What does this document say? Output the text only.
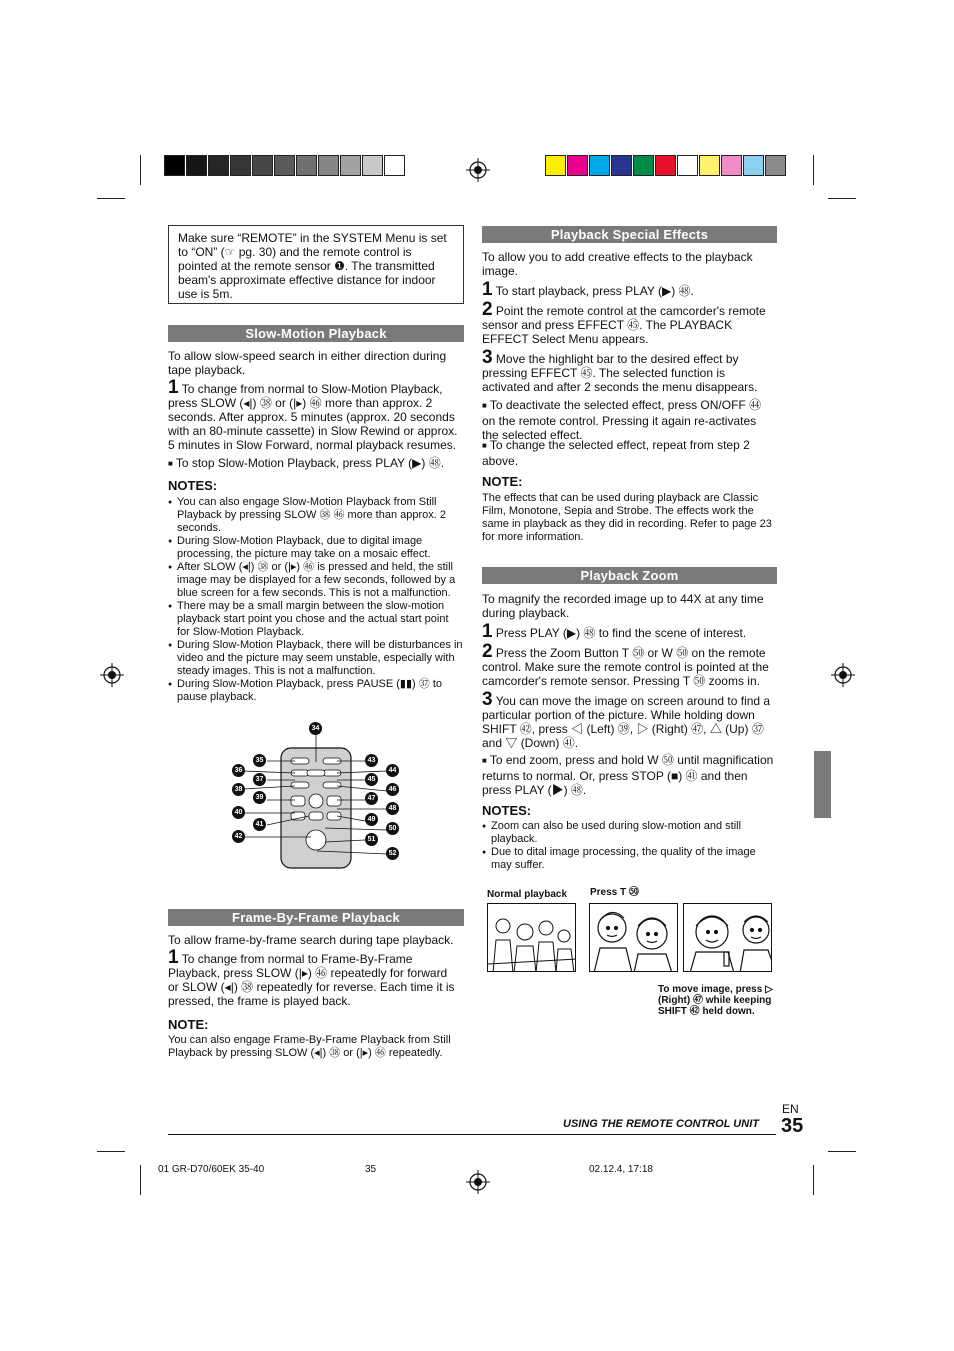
Make sure “REMOTE” in the SYSTEM Menu is set to “ON” (☞ pg. 30) and the remote control is pointed at the remote sensor ❶. The transmitted beam's approximate effective distance for indoor use is 5m.

Slow-Motion Playback

To allow slow-speed search in either direction during tape playback.

1 To change from normal to Slow-Motion Playback, press SLOW (◂|) ㊳ or (|▸) ㊻ more than approx. 2 seconds. After approx. 5 minutes (approx. 20 seconds with an 80-minute cassette) in Slow Rewind or approx. 5 minutes in Slow Forward, normal playback resumes.
■ To stop Slow-Motion Playback, press PLAY (▶) ㊽.
NOTES:
● You can also engage Slow-Motion Playback from Still Playback by pressing SLOW ㊳ ㊻ more than approx. 2 seconds.
● During Slow-Motion Playback, due to digital image processing, the picture may take on a mosaic effect.
● After SLOW (◂|) ㊳ or (|▸) ㊻ is pressed and held, the still image may be displayed for a few seconds, followed by a blue screen for a few seconds. This is not a malfunction.
● There may be a small margin between the slow-motion playback start point you chose and the actual start point for Slow-Motion Playback.
● During Slow-Motion Playback, there will be disturbances in video and the picture may seem unstable, especially with steady images. This is not a malfunction.
● During Slow-Motion Playback, press PAUSE (▮▮) ㊲ to pause playback.
34
35
36
37
38
39
40
41
42
43
44
45
46
47
48
49
50
51
52
Frame-By-Frame Playback

To allow frame-by-frame search during tape playback.

1 To change from normal to Frame-By-Frame Playback, press SLOW (|▸) ㊻ repeatedly for forward or SLOW (◂|) ㊳ repeatedly for reverse. Each time it is pressed, the frame is played back.
NOTE:

You can also engage Frame-By-Frame Playback from Still Playback by pressing SLOW (◂|) ㊳ or (|▸) ㊻ repeatedly.

Playback Special Effects

To allow you to add creative effects to the playback image.

1 To start playback, press PLAY (▶) ㊽.
2 Point the remote control at the camcorder's remote sensor and press EFFECT ㊺. The PLAYBACK EFFECT Select Menu appears.
3 Move the highlight bar to the desired effect by pressing EFFECT ㊺. The selected function is activated and after 2 seconds the menu disappears.
■ To deactivate the selected effect, press ON/OFF ㊹ on the remote control. Pressing it again re-activates the selected effect.
■ To change the selected effect, repeat from step 2 above.
NOTE:

The effects that can be used during playback are Classic Film, Monotone, Sepia and Strobe. The effects work the same in playback as they did in recording. Refer to page 23 for more information.

Playback Zoom

To magnify the recorded image up to 44X at any time during playback.

1 Press PLAY (▶) ㊽ to find the scene of interest.
2 Press the Zoom Button T ㊿ or W ㊿ on the remote control. Make sure the remote control is pointed at the camcorder's remote sensor. Pressing T ㊿ zooms in.
3 You can move the image on screen around to find a particular portion of the picture. While holding down SHIFT ㊷, press ◁ (Left) ㊴, ▷ (Right) ㊼, △ (Up) ㊲ and ▽ (Down) ㊶.
■ To end zoom, press and hold W ㊿ until magnification returns to normal. Or, press STOP (■) ㊶ and then press PLAY (▶) ㊽.
NOTES:
● Zoom can also be used during slow-motion and still playback.
● Due to dital image processing, the quality of the image may suffer.
Normal playback Press T ㊿
To move image, press ▷ (Right) ㊼ while keeping SHIFT ㊷ held down.
EN
35
USING THE REMOTE CONTROL UNIT
01 GR-D70/60EK 35-40	35	02.12.4, 17:18
